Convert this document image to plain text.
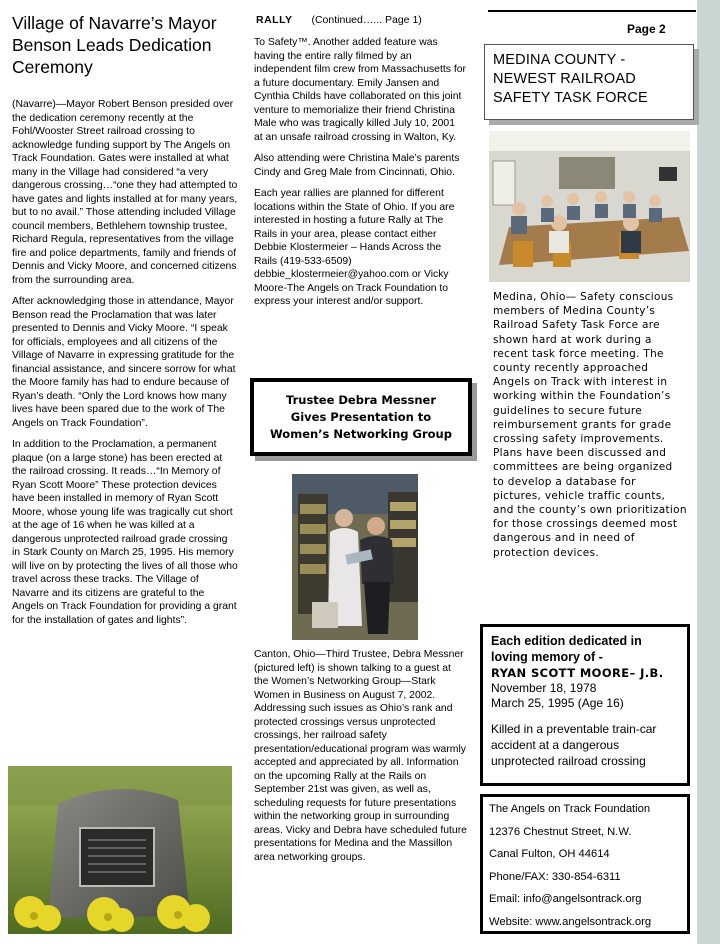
Page 2
Village of Navarre’s Mayor Benson Leads Dedication Ceremony

(Navarre)—Mayor Robert Benson presided over the dedication ceremony recently at the Fohl/Wooster Street railroad crossing to acknowledge funding support by The Angels on Track Foundation. Gates were installed at what many in the Village had considered “a very dangerous crossing…“one they had attempted to have gates and lights installed at for many years, but to no avail.” Those attending included Village council members, Bethlehem township trustee, Richard Regula, representatives from the village fire and police departments, family and friends of Dennis and Vicky Moore, and concerned citizens from the surrounding area.

After acknowledging those in attendance, Mayor Benson read the Proclamation that was later presented to Dennis and Vicky Moore. “I speak for officials, employees and all citizens of the Village of Navarre in expressing gratitude for the financial assistance, and sincere sorrow for what the Moore family has had to endure because of Ryan’s death. “Only the Lord knows how many lives have been spared due to the work of The Angels on Track Foundation”.

In addition to the Proclamation, a permanent plaque (on a large stone) has been erected at the railroad crossing. It reads…“In Memory of Ryan Scott Moore” These protection devices have been installed in memory of Ryan Scott Moore, whose young life was tragically cut short at the age of 16 when he was killed at a dangerous unprotected railroad grade crossing in Stark County on March 25, 1995. His memory will live on by protecting the lives of all those who travel across these tracks. The Village of Navarre and its citizens are grateful to the Angels on Track Foundation for providing a grant for the installation of gates and lights”.

RALLY (Continued…... Page 1)

To Safety™. Another added feature was having the entire rally filmed by an independent film crew from Massachusetts for a future documentary. Emily Jansen and Cynthia Childs have collaborated on this joint venture to memorialize their friend Christina Male who was tragically killed July 10, 2001 at an unsafe railroad crossing in Walton, Ky.

Also attending were Christina Male’s parents Cindy and Greg Male from Cincinnati, Ohio.

Each year rallies are planned for different locations within the State of Ohio. If you are interested in hosting a future Rally at The Rails in your area, please contact either Debbie Klostermeier – Hands Across the Rails (419-533-6509) debbie_klostermeier@yahoo.com or Vicky Moore-The Angels on Track Foundation to express your interest and/or support.

Trustee Debra Messner
Gives Presentation to
Women’s Networking Group
Canton, Ohio—Third Trustee, Debra Messner (pictured left) is shown talking to a guest at the Women’s Networking Group—Stark Women in Business on August 7, 2002. Addressing such issues as Ohio’s rank and protected crossings versus unprotected crossings, her railroad safety presentation/educational program was warmly accepted and appreciated by all. Information on the upcoming Rally at the Rails on September 21st was given, as well as, scheduling requests for future presentations within the networking group in surrounding areas. Vicky and Debra have scheduled future presentations for Medina and the Massillon area networking groups.
MEDINA COUNTY -
NEWEST RAILROAD
SAFETY TASK FORCE
Medina, Ohio— Safety conscious members of Medina County’s Railroad Safety Task Force are shown hard at work during a recent task force meeting. The county recently approached Angels on Track with interest in working within the Foundation’s guidelines to secure future reimbursement grants for grade crossing safety improvements. Plans have been discussed and committees are being organized to develop a database for pictures, vehicle traffic counts, and the county’s own prioritization for those crossings deemed most dangerous and in need of protection devices.
Each edition dedicated in
loving memory of -
RYAN SCOTT MOORE– J.B.
November 18, 1978
March 25, 1995 (Age 16)
Killed in a preventable train-car accident at a dangerous unprotected railroad crossing
The Angels on Track Foundation
12376 Chestnut Street, N.W.
Canal Fulton, OH 44614
Phone/FAX: 330-854-6311
Email: info@angelsontrack.org
Website: www.angelsontrack.org
